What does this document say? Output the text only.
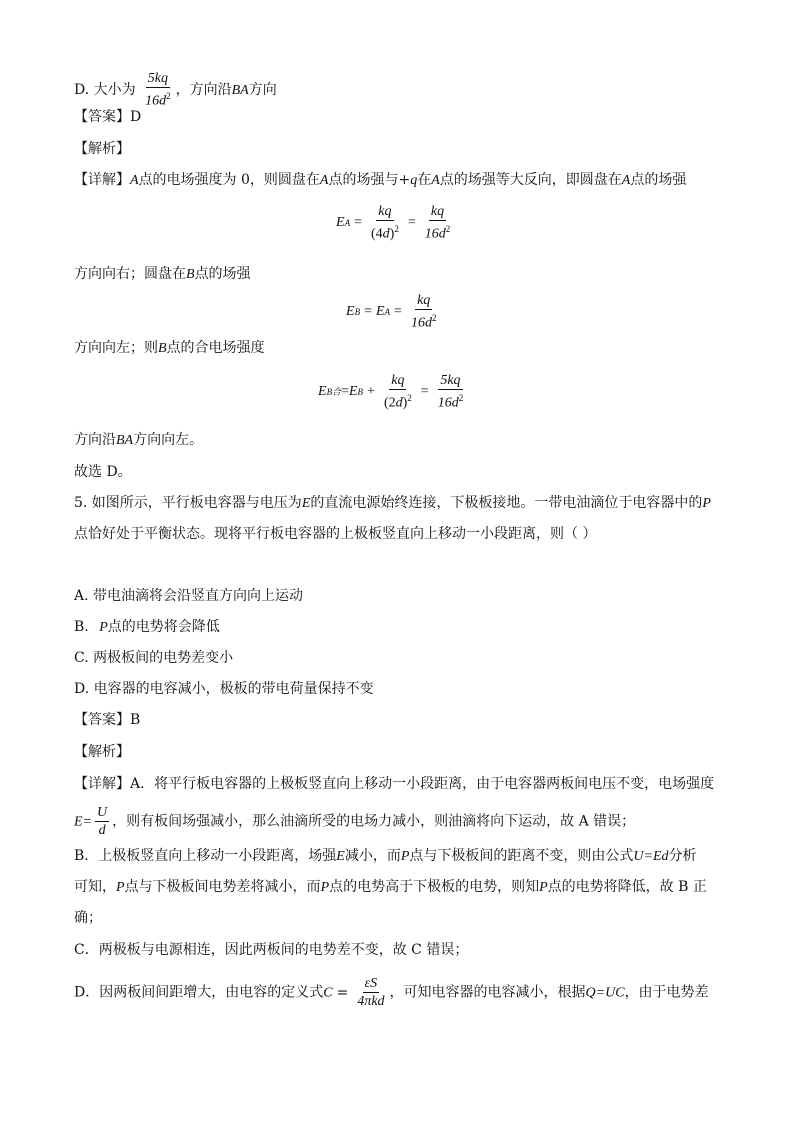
D. 大小为 $\frac{5kq}{16d^2}$ ，方向沿BA方向
【答案】D
【解析】
【详解】A点的电场强度为 0，则圆盘在A点的场强与+q在A点的场强等大反向，即圆盘在A点的场强
E $A = \frac{kq}{(4d)^2} = \frac{kq}{16d^2}$
方向向右；圆盘在B点的场强
E B = E $A = \frac{kq}{16d^2}$
方向向左；则B点的合电场强度
E B合 = E $B + \frac{kq}{(2d)^2} = \frac{5kq}{16d^2}$
方向沿BA方向向左。
故选 D。
5. 如图所示，平行板电容器与电压为E的直流电源始终连接，下极板接地。一带电油滴位于电容器中的P
点恰好处于平衡状态。现将平行板电容器的上极板竖直向上移动一小段距离，则（ ）
A. 带电油滴将会沿竖直方向向上运动
B. P点的电势将会降低
C. 两极板间的电势差变小
D. 电容器的电容减小，极板的带电荷量保持不变
【答案】B
【解析】
【详解】A．将平行板电容器的上极板竖直向上移动一小段距离，由于电容器两板间电压不变，电场强度
$E= \frac{U}{d}$ ，则有板间场强减小，那么油滴所受的电场力减小，则油滴将向下运动，故 A 错误；
B．上极板竖直向上移动一小段距离，场强E减小，而P点与下极板间的距离不变，则由公式U=Ed分析
可知，P点与下极板间电势差将减小，而P点的电势高于下极板的电势，则知P点的电势将降低，故 B 正
确；
C．两极板与电源相连，因此两板间的电势差不变，故 C 错误；
D．因两板间间距增大，由电容的定义式$C = \frac{\varepsilon S}{\text{4πkd}}$ ，可知电容器的电容减小，根据Q=UC，由于电势差
